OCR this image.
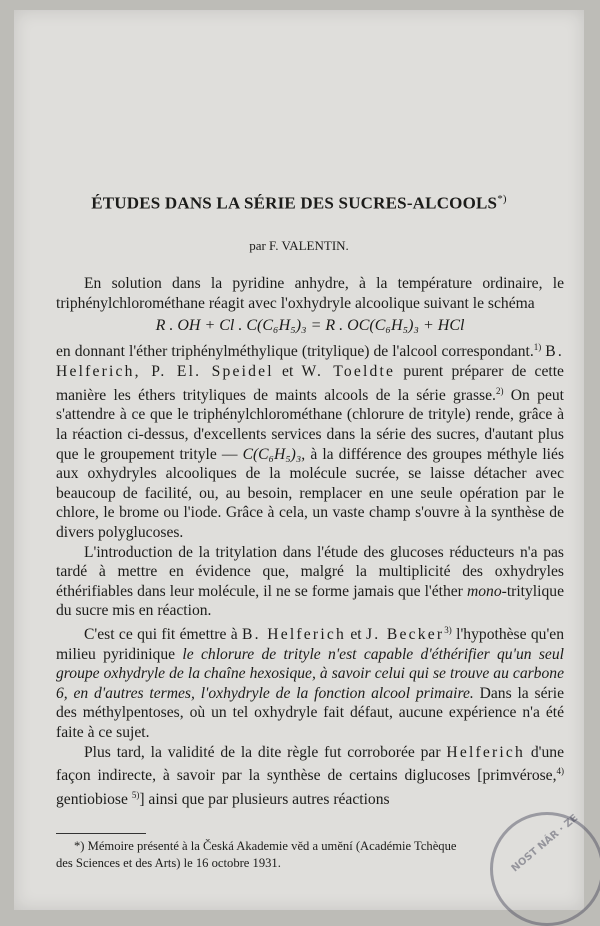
ÉTUDES DANS LA SÉRIE DES SUCRES-ALCOOLS*)
par F. VALENTIN.

En solution dans la pyridine anhydre, à la température ordinaire, le triphénylchlorométhane réagit avec l'oxhydryle alcoolique suivant le schéma

R . OH + Cl . C(C₆H₅)₃ = R . OC(C₆H₅)₃ + HCl

en donnant l'éther triphénylméthylique (tritylique) de l'alcool correspondant.$^{1)}$ B. Helferich, P. El. Speidel et W. Toeldte purent préparer de cette manière les éthers trityliques de maints alcools de la série grasse.$^{2)}$ On peut s'attendre à ce que le triphénylchlorométhane (chlorure de trityle) rende, grâce à la réaction ci-dessus, d'excellents services dans la série des sucres, d'autant plus que le groupement trityle — C(C₆H₅)₃, à la différence des groupes méthyle liés aux oxhydryles alcooliques de la molécule sucrée, se laisse détacher avec beaucoup de facilité, ou, au besoin, remplacer en une seule opération par le chlore, le brome ou l'iode. Grâce à cela, un vaste champ s'ouvre à la synthèse de divers polyglucoses.

L'introduction de la tritylation dans l'étude des glucoses réducteurs n'a pas tardé à mettre en évidence que, malgré la multiplicité des oxhydryles éthérifiables dans leur molécule, il ne se forme jamais que l'éther mono-tritylique du sucre mis en réaction.

C'est ce qui fit émettre à B. Helferich et J. Becker$^{3)}$ l'hypothèse qu'en milieu pyridinique le chlorure de trityle n'est capable d'éthérifier qu'un seul groupe oxhydryle de la chaîne hexosique, à savoir celui qui se trouve au carbone 6, en d'autres termes, l'oxhydryle de la fonction alcool primaire. Dans la série des méthylpentoses, où un tel oxhydryle fait défaut, aucune expérience n'a été faite à ce sujet.

Plus tard, la validité de la dite règle fut corroborée par Helferich d'une façon indirecte, à savoir par la synthèse de certains diglucoses [primvérose,$^{4)}$ gentiobiose $^{5)}$] ainsi que par plusieurs autres réactions

*) Mémoire présenté à la Česká Akademie věd a umění (Académie Tchèque
des Sciences et des Arts) le 16 octobre 1931.	NOST NÁR · ZE
